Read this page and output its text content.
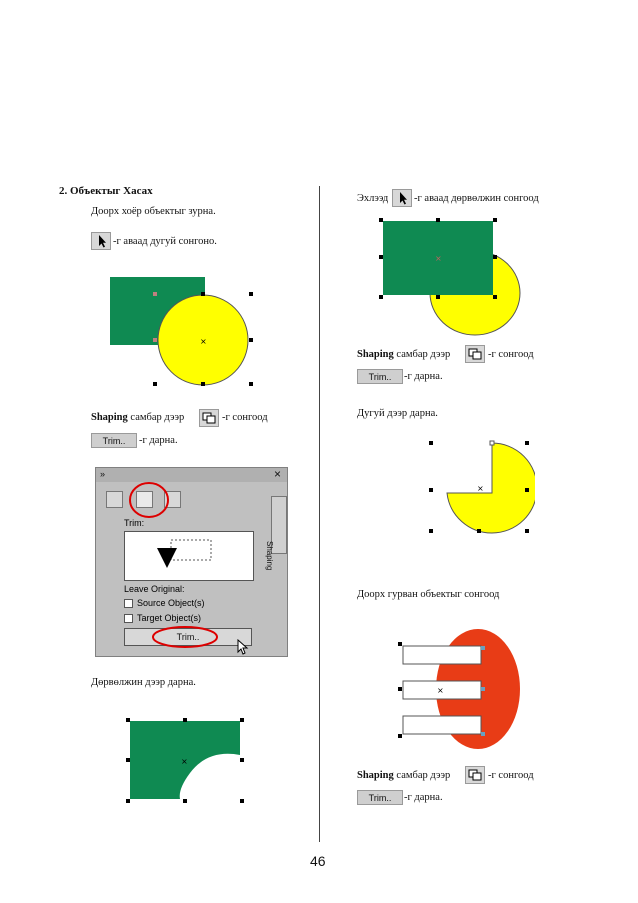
2. Объектыг Хасах
Доорх хоёр объектыг зурна.
-г аваад дугуй сонгоно.
×
Shaping самбар дээр	-г сонгоод
Trim..	-г дарна.
»	×
Trim:
Leave Original:
Source Object(s)
Target Object(s)
Trim..
Shaping
Дөрвөлжин дээр дарна.
×
Эхлээд -г аваад дөрвөлжин сонгоод
×
Shaping самбар дээр	-г сонгоод
Trim..	-г дарна.
Дугуй дээр дарна.
×
Доорх гурван объектыг сонгоод
×
Shaping самбар дээр	-г сонгоод
Trim..	-г дарна.
46
